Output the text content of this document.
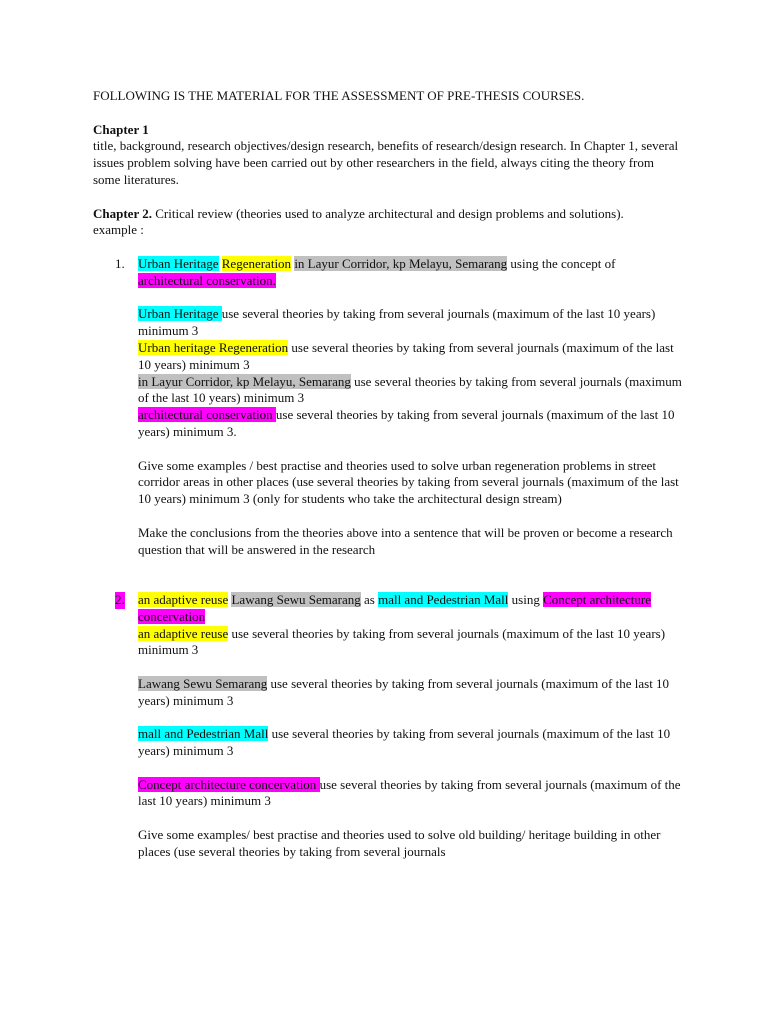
FOLLOWING IS THE MATERIAL FOR THE ASSESSMENT OF PRE-THESIS COURSES.

Chapter 1

title, background, research objectives/design research, benefits of research/design research. In Chapter 1, several issues problem solving have been carried out by other researchers in the field, always citing the theory from some literatures.

Chapter 2. Critical review (theories used to analyze architectural and design problems and solutions).

example :

1. Urban Heritage Regeneration in Layur Corridor, kp Melayu, Semarang using the concept of architectural conservation.

Urban Heritage use several theories by taking from several journals (maximum of the last 10 years) minimum 3

Urban heritage Regeneration use several theories by taking from several journals (maximum of the last 10 years) minimum 3

in Layur Corridor, kp Melayu, Semarang use several theories by taking from several journals (maximum of the last 10 years) minimum 3

architectural conservation use several theories by taking from several journals (maximum of the last 10 years) minimum 3.

Give some examples / best practise and theories used to solve urban regeneration problems in street corridor areas in other places (use several theories by taking from several journals (maximum of the last 10 years) minimum 3 (only for students who take the architectural design stream)

Make the conclusions from the theories above into a sentence that will be proven or become a research question that will be answered in the research

2. an adaptive reuse Lawang Sewu Semarang as mall and Pedestrian Mall using Concept architecture concervation

an adaptive reuse use several theories by taking from several journals (maximum of the last 10 years) minimum 3

Lawang Sewu Semarang use several theories by taking from several journals (maximum of the last 10 years) minimum 3

mall and Pedestrian Mall use several theories by taking from several journals (maximum of the last 10 years) minimum 3

Concept architecture concervation use several theories by taking from several journals (maximum of the last 10 years) minimum 3

Give some examples/ best practise and theories used to solve old building/ heritage building in other places (use several theories by taking from several journals
